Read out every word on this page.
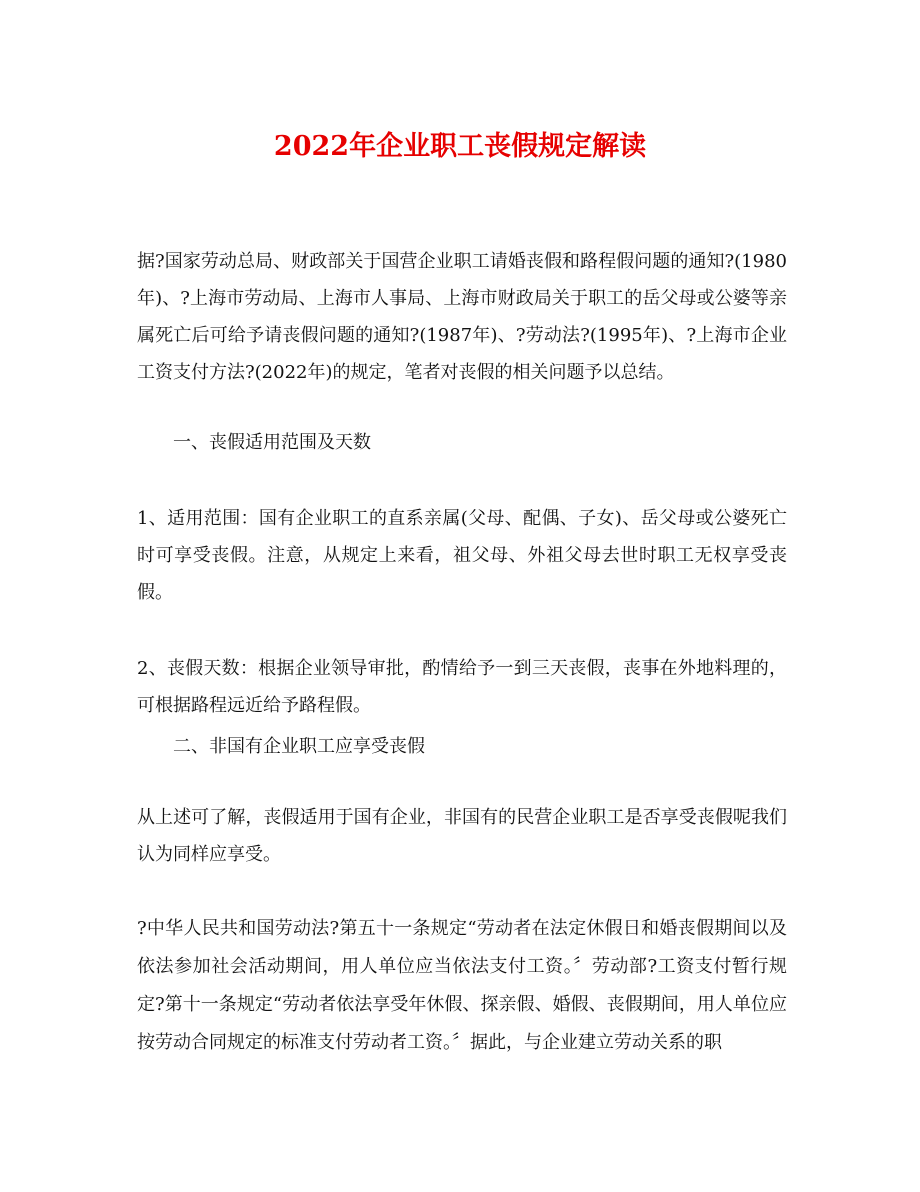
2022年企业职工丧假规定解读

据?国家劳动总局、财政部关于国营企业职工请婚丧假和路程假问题的通知?(1980年)、?上海市劳动局、上海市人事局、上海市财政局关于职工的岳父母或公婆等亲属死亡后可给予请丧假问题的通知?(1987年)、?劳动法?(1995年)、?上海市企业工资支付方法?(2022年)的规定，笔者对丧假的相关问题予以总结。

一、丧假适用范围及天数

1、适用范围：国有企业职工的直系亲属(父母、配偶、子女)、岳父母或公婆死亡时可享受丧假。注意，从规定上来看，祖父母、外祖父母去世时职工无权享受丧假。

2、丧假天数：根据企业领导审批，酌情给予一到三天丧假，丧事在外地料理的，可根据路程远近给予路程假。

二、非国有企业职工应享受丧假

从上述可了解，丧假适用于国有企业，非国有的民营企业职工是否享受丧假呢我们认为同样应享受。

?中华人民共和国劳动法?第五十一条规定“劳动者在法定休假日和婚丧假期间以及依法参加社会活动期间，用人单位应当依法支付工资。〞劳动部?工资支付暂行规定?第十一条规定“劳动者依法享受年休假、探亲假、婚假、丧假期间，用人单位应按劳动合同规定的标准支付劳动者工资。〞据此，与企业建立劳动关系的职
